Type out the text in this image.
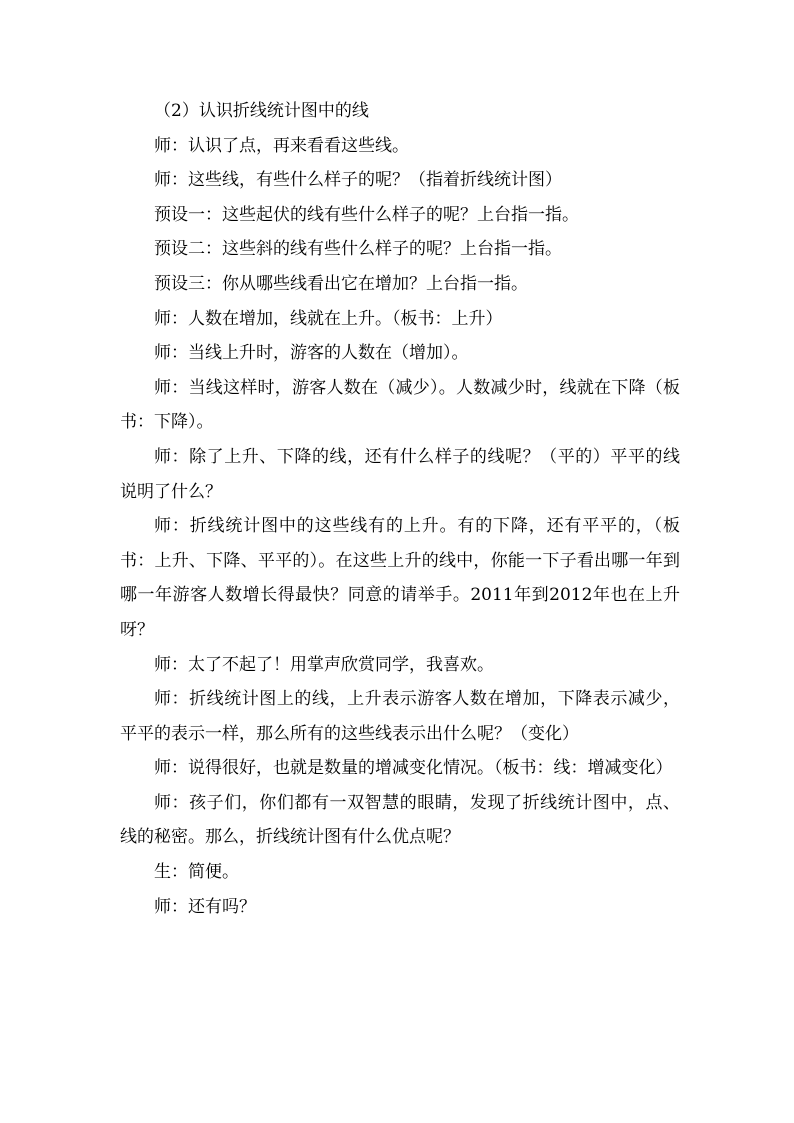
（2）认识折线统计图中的线

师：认识了点，再来看看这些线。

师：这些线，有些什么样子的呢？（指着折线统计图）

预设一：这些起伏的线有些什么样子的呢？上台指一指。

预设二：这些斜的线有些什么样子的呢？上台指一指。

预设三：你从哪些线看出它在增加？上台指一指。

师：人数在增加，线就在上升。（板书：上升）

师：当线上升时，游客的人数在（增加）。

师：当线这样时，游客人数在（减少）。人数减少时，线就在下降（板书：下降）。

师：除了上升、下降的线，还有什么样子的线呢？（平的）平平的线说明了什么？

师：折线统计图中的这些线有的上升。有的下降，还有平平的，（板书：上升、下降、平平的）。在这些上升的线中，你能一下子看出哪一年到哪一年游客人数增长得最快？同意的请举手。2011年到2012年也在上升呀？

师：太了不起了！用掌声欣赏同学，我喜欢。

师：折线统计图上的线，上升表示游客人数在增加，下降表示减少，平平的表示一样，那么所有的这些线表示出什么呢？（变化）

师：说得很好，也就是数量的增减变化情况。（板书：线：增减变化）

师：孩子们，你们都有一双智慧的眼睛，发现了折线统计图中，点、线的秘密。那么，折线统计图有什么优点呢？

生：简便。

师：还有吗？
